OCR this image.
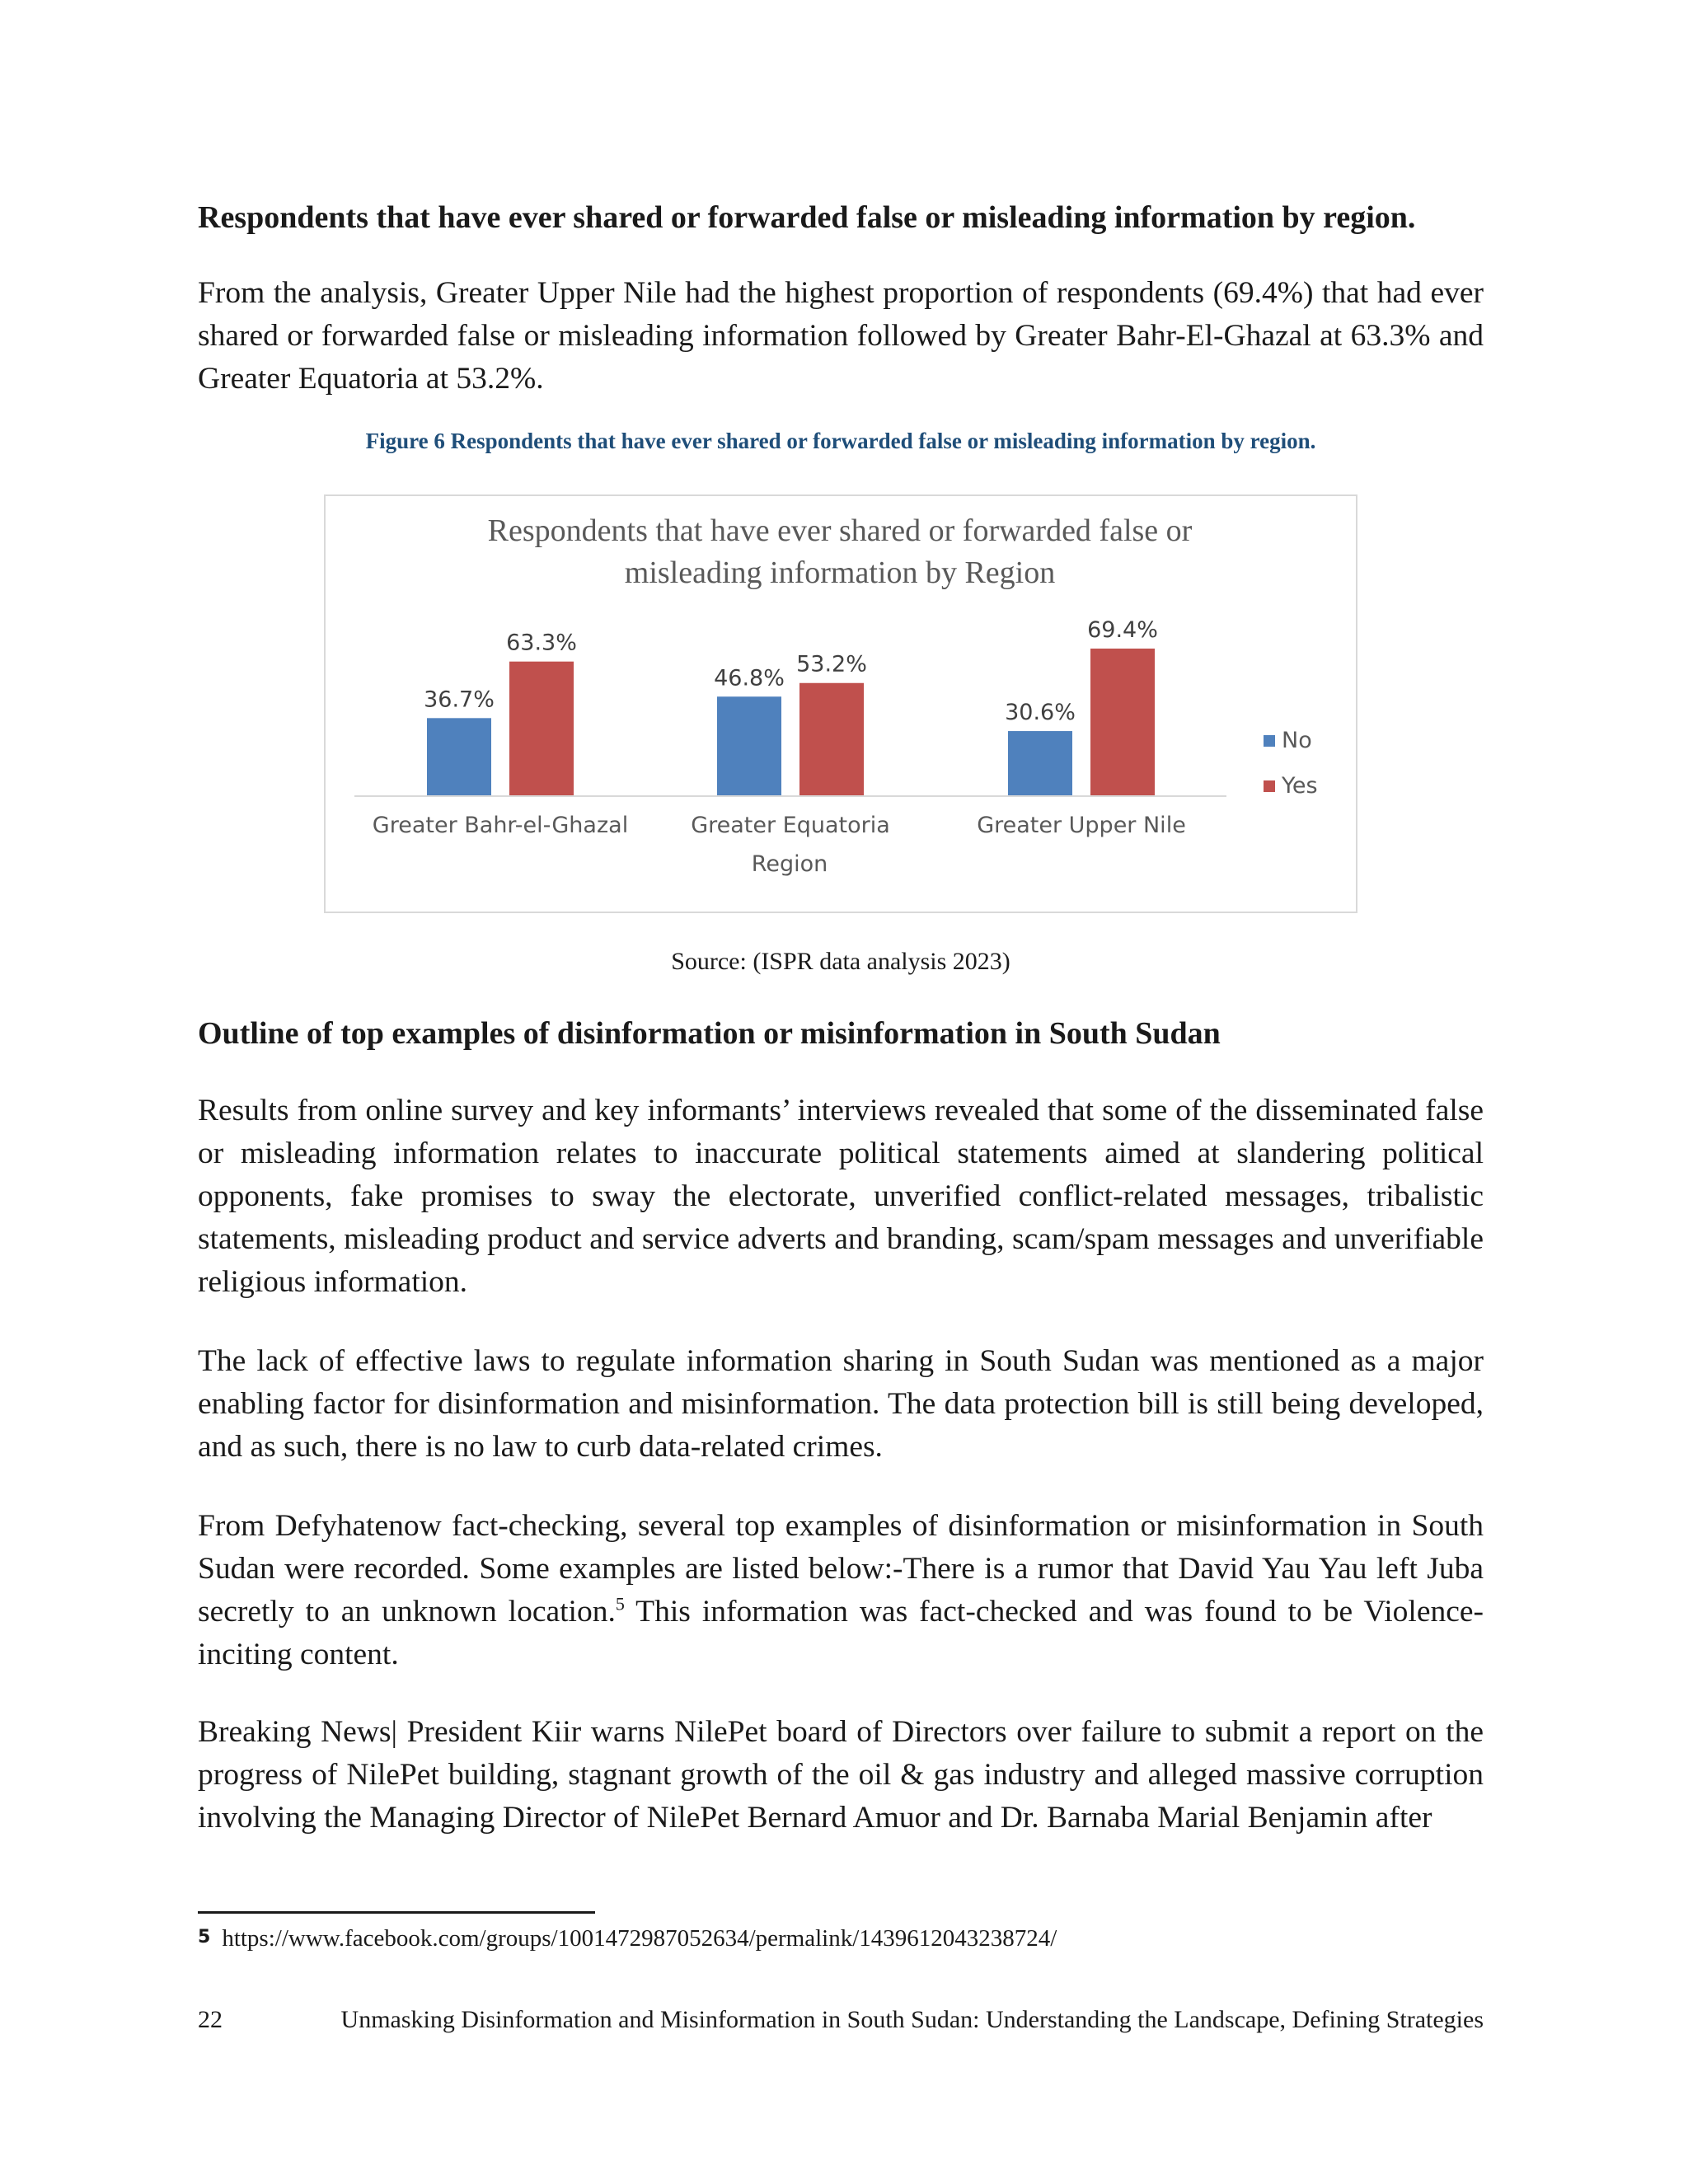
Respondents that have ever shared or forwarded false or misleading information by region.

From the analysis, Greater Upper Nile had the highest proportion of respondents (69.4%) that had ever shared or forwarded false or misleading information followed by Greater Bahr-El-Ghazal at 63.3% and Greater Equatoria at 53.2%.

Figure 6 Respondents that have ever shared or forwarded false or misleading information by region.
Respondents that have ever shared or forwarded false or
misleading information by Region
36.7%
63.3%
46.8%
53.2%
30.6%
69.4%
Greater Bahr-el-Ghazal	Greater Equatoria	Greater Upper Nile
Region
No
Yes
Source: (ISPR data analysis 2023)
Outline of top examples of disinformation or misinformation in South Sudan

Results from online survey and key informants’ interviews revealed that some of the disseminated false or misleading information relates to inaccurate political statements aimed at slandering political opponents, fake promises to sway the electorate, unverified conflict-related messages, tribalistic statements, misleading product and service adverts and branding, scam/spam messages and unverifiable religious information.

The lack of effective laws to regulate information sharing in South Sudan was mentioned as a major enabling factor for disinformation and misinformation. The data protection bill is still being developed, and as such, there is no law to curb data-related crimes.

From Defyhatenow fact-checking, several top examples of disinformation or misinformation in South Sudan were recorded. Some examples are listed below:-There is a rumor that David Yau Yau left Juba secretly to an unknown location.$^5$ This information was fact-checked and was found to be Violence-inciting content.

Breaking News| President Kiir warns NilePet board of Directors over failure to submit a report on the progress of NilePet building, stagnant growth of the oil & gas industry and alleged massive corruption involving the Managing Director of NilePet Bernard Amuor and Dr. Barnaba Marial Benjamin after

5 https://www.facebook.com/groups/1001472987052634/permalink/1439612043238724/
22	Unmasking Disinformation and Misinformation in South Sudan: Understanding the Landscape, Defining Strategies
